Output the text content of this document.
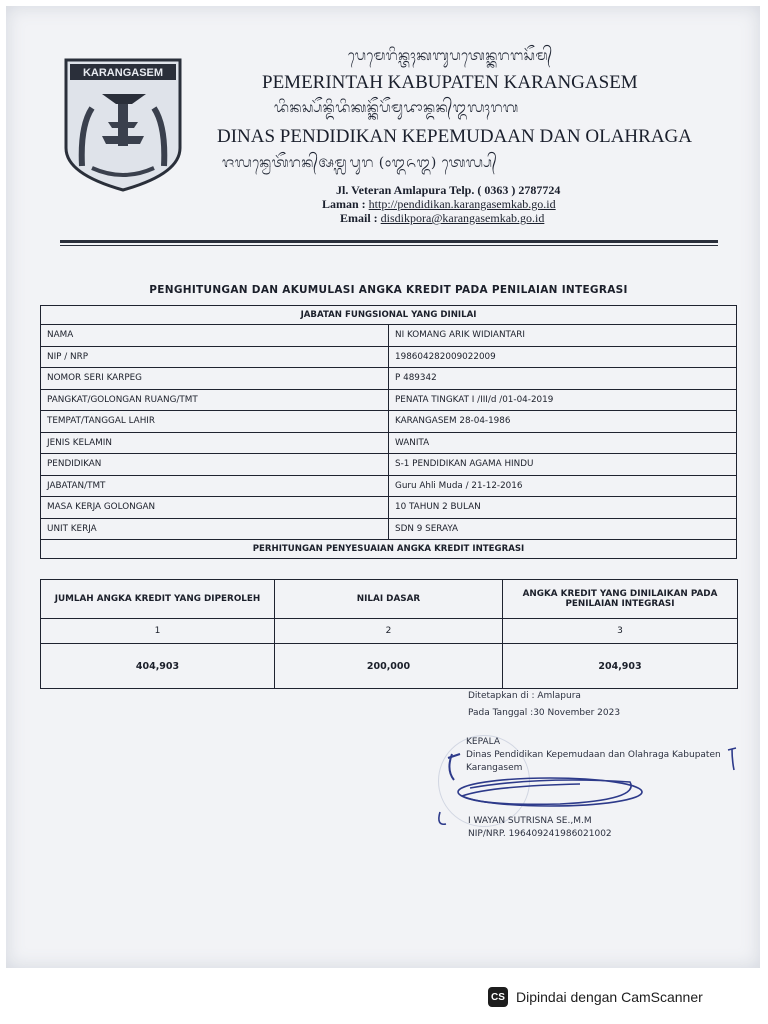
KARANGASEM
ᬧᬾᬫᬾᬭᬶᬦ᭄ᬢᬄᬓᬩᬸᬧᬢᬾᬦ᭄ᬓᬭᬗᬲᭂᬫ᭄
PEMERINTAH KABUPATEN KARANGASEM
ᬤᬶᬦᬲ᭄ᬧᭂᬦ᭄ᬤᬶᬤᬶᬓᬦ᭄ᬓᭂᬧᭂᬫᬸᬤᬵᬦ᭄ᬤᬦ᭄ᬑᬮᬄᬭᬕ
DINAS PENDIDIKAN KEPEMUDAAN DAN OLAHRAGA
ᬚᬮᬦ᭄ᬯᬾᬢᭂᬭᬦ᭄ᬅᬫ᭄ᬮᬧᬸᬭ (᭐᭓᭖᭓) ᬢᬾᬮ᭄ᬧ᭄
Jl. Veteran Amlapura Telp. ( 0363 ) 2787724
Laman : http://pendidikan.karangasemkab.go.id
Email : disdikpora@karangasemkab.go.id
PENGHITUNGAN DAN AKUMULASI ANGKA KREDIT PADA PENILAIAN INTEGRASI
JABATAN FUNGSIONAL YANG DINILAI	
NAMA	NI KOMANG ARIK WIDIANTARI
NIP / NRP	198604282009022009
NOMOR SERI KARPEG	P 489342
PANGKAT/GOLONGAN RUANG/TMT	PENATA TINGKAT I /III/d /01-04-2019
TEMPAT/TANGGAL LAHIR	KARANGASEM 28-04-1986
JENIS KELAMIN	WANITA
PENDIDIKAN	S-1 PENDIDIKAN AGAMA HINDU
JABATAN/TMT	Guru Ahli Muda / 21-12-2016
MASA KERJA GOLONGAN	10 TAHUN 2 BULAN
UNIT KERJA	SDN 9 SERAYA
PERHITUNGAN PENYESUAIAN ANGKA KREDIT INTEGRASI	
JUMLAH ANGKA KREDIT YANG DIPEROLEH	NILAI DASAR	ANGKA KREDIT YANG DINILAIKAN PADA PENILAIAN INTEGRASI
1	2	3
404,903	200,000	204,903
Ditetapkan di : Amlapura
Pada Tanggal :30 November 2023
KEPALA
Dinas Pendidikan Kepemudaan dan Olahraga Kabupaten
Karangasem
I WAYAN SUTRISNA SE.,M.M
NIP/NRP. 196409241986021002
CS Dipindai dengan CamScanner
